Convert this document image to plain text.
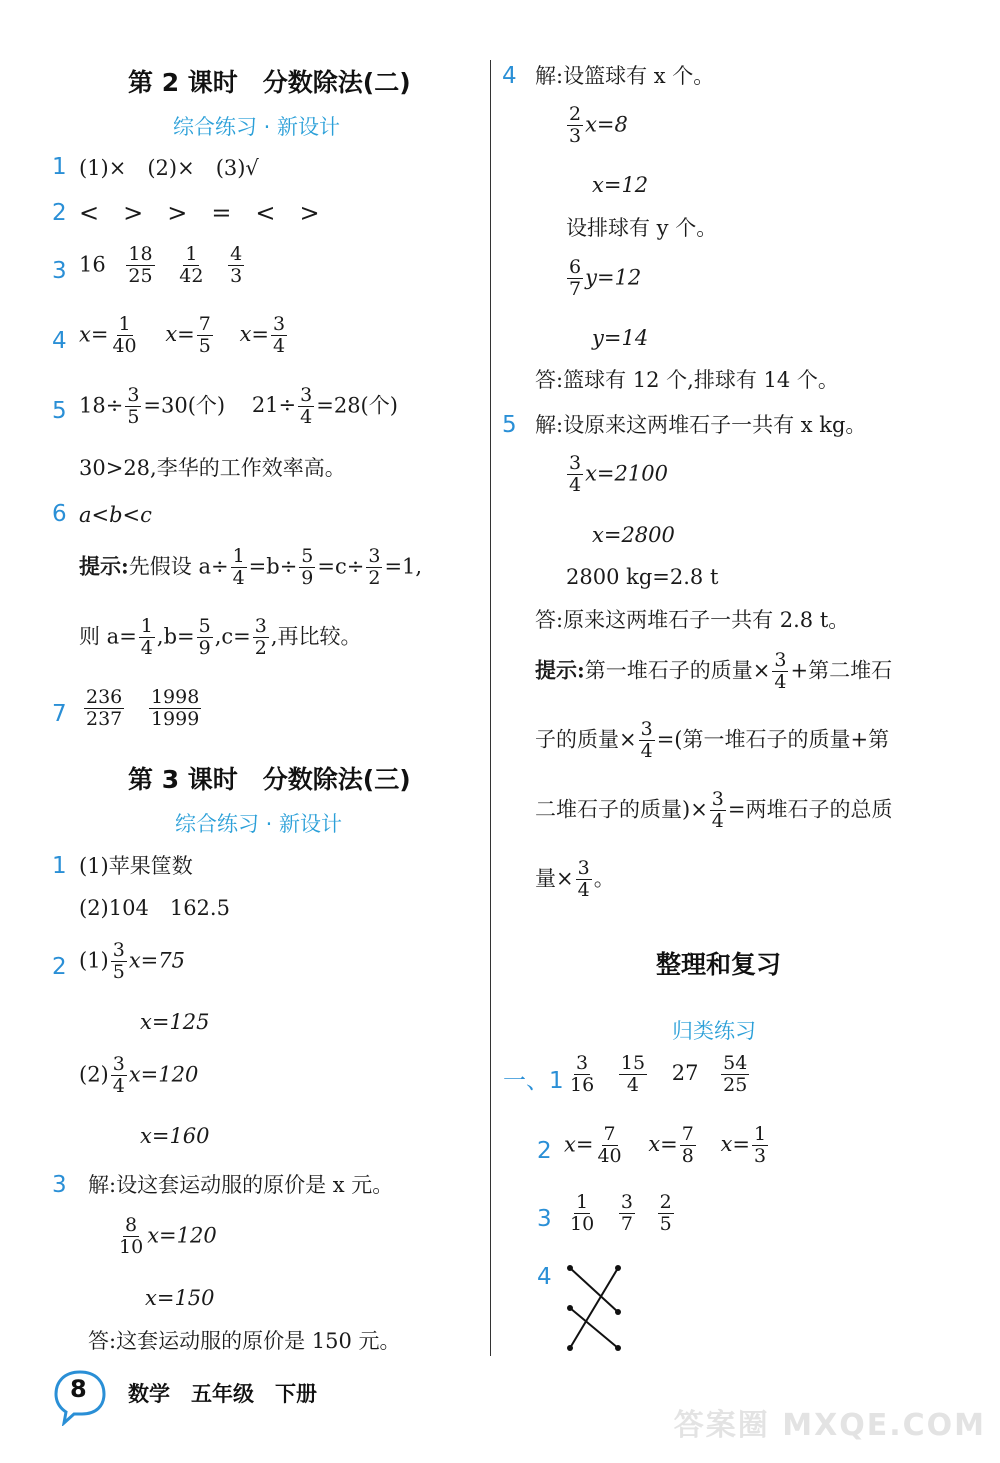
第 2 课时　分数除法(二)
综合练习 · 新设计
1 (1)×　 (2)×　 (3)√
2 <　>　>　=　<　>
3 $16 \frac{18}{25}$
$\frac{1}{42}$
$\frac{4}{3}$
4 $x= \frac{1}{40} x= \frac{7}{5} x= \frac{3}{4}$
5 $18\div \frac{3}{5} =30$(个) $21\div \frac{3}{4} =28$(个)
30>28,李华的工作效率高。
6 a<b<c
提示:先假设 $a\div \frac{1}{4} =b\div \frac{5}{9} =c\div \frac{3}{2} =1$,
则 $a= \frac{1}{4} ,b= \frac{5}{9} ,c= \frac{3}{2}$ ,再比较。
$7 \frac{236}{237}$
$\frac{1998}{1999}$
第 3 课时　分数除法(三)
综合练习 · 新设计
1 (1)苹果筐数
(2)104　162.5
2 $(1) \frac{3}{5} x=75$
x=125
$(2) \frac{3}{4} x=120$
x=160
3 解:设这套运动服的原价是 x 元。
$\frac{8}{10} x=120$
x=150
答:这套运动服的原价是 150 元。
4 解:设篮球有 x 个。
$\frac{2}{3} x=8$
x=12
设排球有 y 个。
$\frac{6}{7} y=12$
y=14
答:篮球有 12 个,排球有 14 个。
5 解:设原来这两堆石子一共有 x kg。
$\frac{3}{4} x=2100$
x=2800
2800 kg=2.8 t
答:原来这两堆石子一共有 2.8 t。
提示:第一堆石子的质量× $\frac{3}{4}$ +第二堆石
子的质量× $\frac{3}{4}$ =(第一堆石子的质量+第
二堆石子的质量)× $\frac{3}{4}$ =两堆石子的总质
量× $\frac{3}{4}$ 。
整理和复习
归类练习
一、$1 \frac{3}{16}$
$\frac{15}{4} 27 \frac{54}{25}$
2 $x= \frac{7}{40} x= \frac{7}{8} x= \frac{1}{3}$
$3 \frac{1}{10}$
$\frac{3}{7}$
$\frac{2}{5}$
4
8 数学　五年级　下册
答案圈 MXQE.COM
